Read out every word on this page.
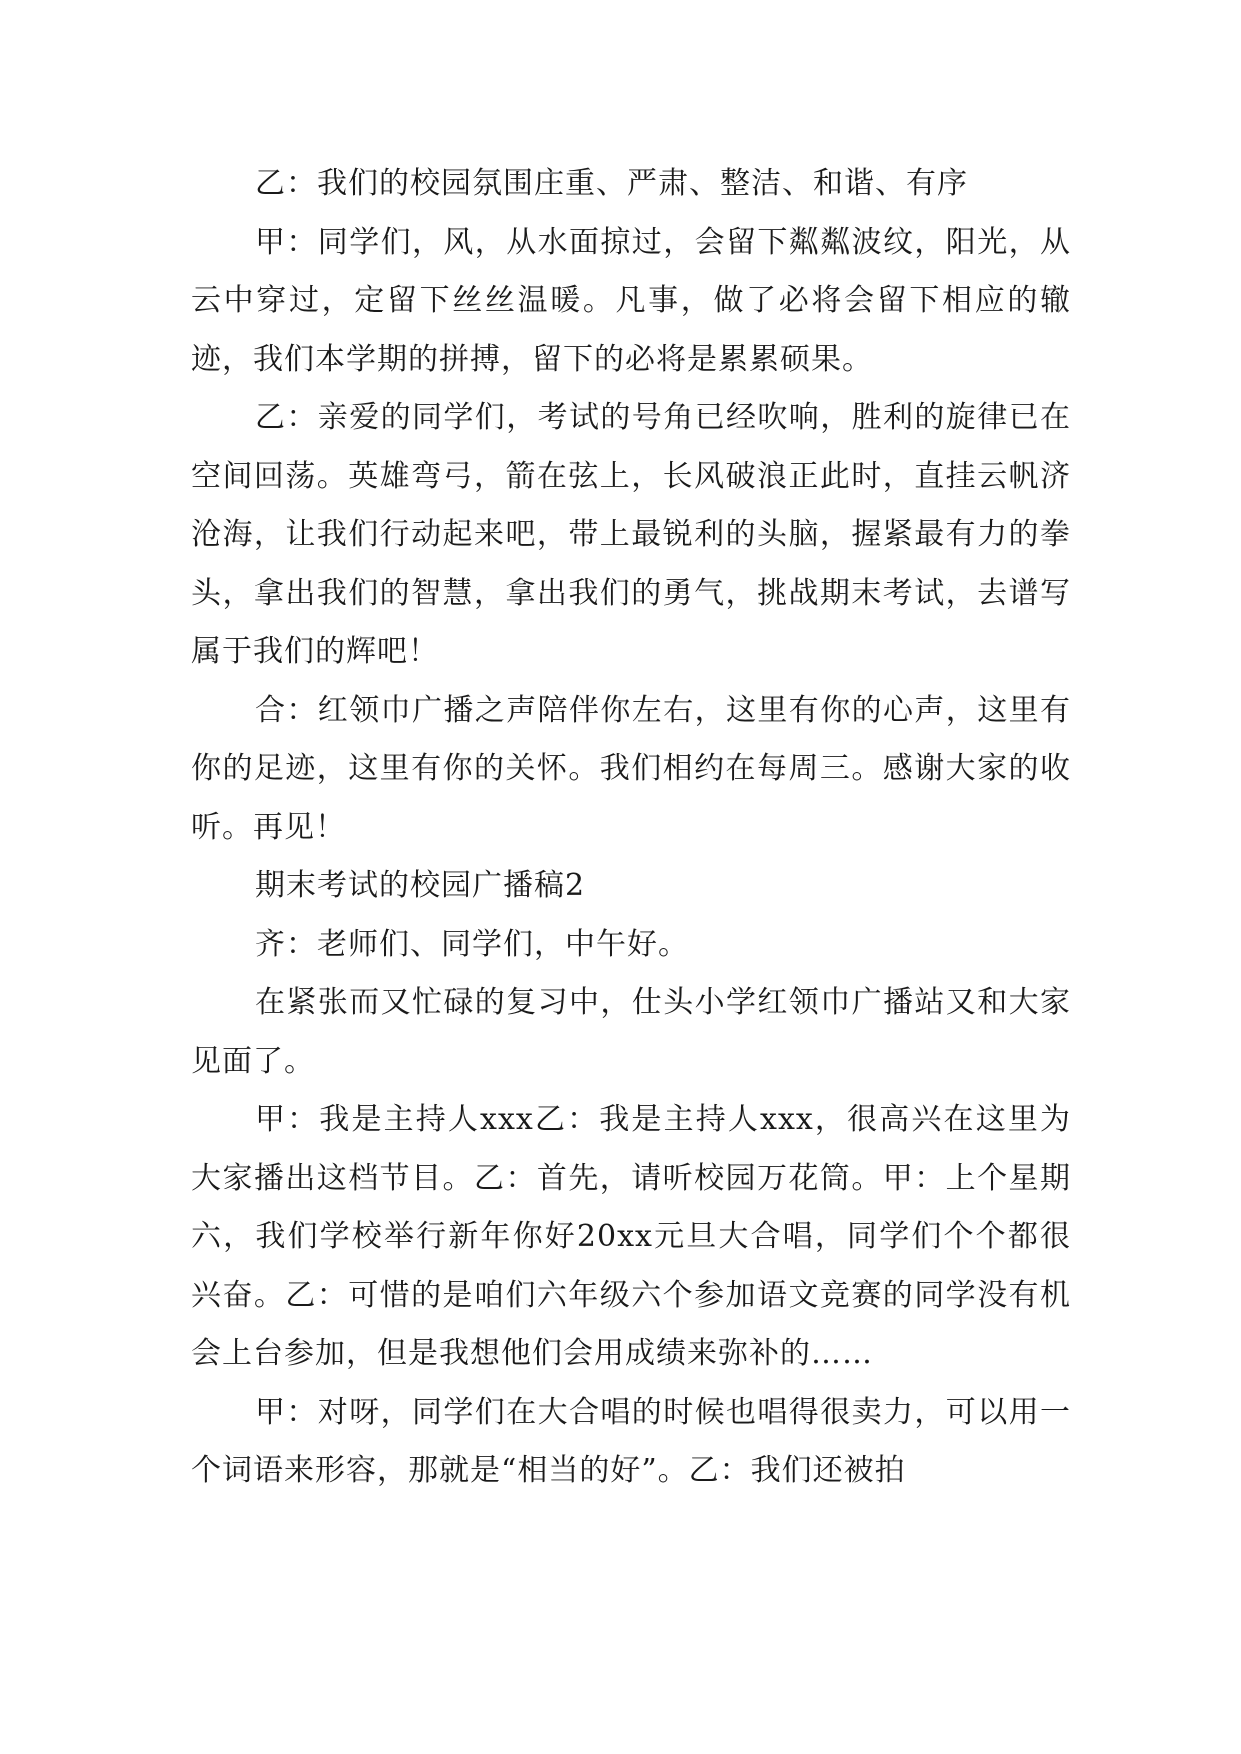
乙：我们的校园氛围庄重、严肃、整洁、和谐、有序

甲：同学们，风，从水面掠过，会留下粼粼波纹，阳光，从云中穿过，定留下丝丝温暖。凡事，做了必将会留下相应的辙迹，我们本学期的拼搏，留下的必将是累累硕果。

乙：亲爱的同学们，考试的号角已经吹响，胜利的旋律已在空间回荡。英雄弯弓，箭在弦上，长风破浪正此时，直挂云帆济沧海，让我们行动起来吧，带上最锐利的头脑，握紧最有力的拳头，拿出我们的智慧，拿出我们的勇气，挑战期末考试，去谱写属于我们的辉吧！

合：红领巾广播之声陪伴你左右，这里有你的心声，这里有你的足迹，这里有你的关怀。我们相约在每周三。感谢大家的收听。再见！

期末考试的校园广播稿2

齐：老师们、同学们，中午好。

在紧张而又忙碌的复习中，仕头小学红领巾广播站又和大家见面了。

甲：我是主持人xxx乙：我是主持人xxx，很高兴在这里为大家播出这档节目。乙：首先，请听校园万花筒。甲：上个星期六，我们学校举行新年你好20xx元旦大合唱，同学们个个都很兴奋。乙：可惜的是咱们六年级六个参加语文竞赛的同学没有机会上台参加，但是我想他们会用成绩来弥补的……

甲：对呀，同学们在大合唱的时候也唱得很卖力，可以用一个词语来形容，那就是“相当的好”。乙：我们还被拍
